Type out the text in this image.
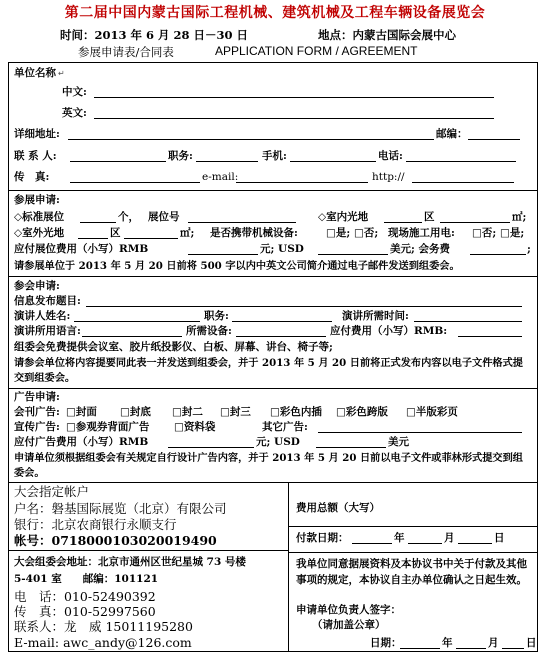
第二届中国内蒙古国际工程机械、建筑机械及工程车辆设备展览会
时间：2013 年 6 月 28 日－30 日	地点：内蒙古国际会展中心
参展申请表/合同表	APPLICATION FORM / AGREEMENT
单位名称 ↵
中文:
英文:
详细地址:	邮编：
联 系 人:	职务:	手机:	电话:
传　真:	e-mail:	http://
参展申请:
◇标准展位	个， 展位号	◇室内光地	区	㎡;
◇室外光地	区	㎡; 是否携带机械设备:	□是; □否; 现场施工用电: □否; □是;
应付展位费用（小写）RMB	元; USD	美元; 会务费	;
请参展单位于 2013 年 5 月 20 日前将 500 字以内中英文公司简介通过电子邮件发送到组委会。
参会申请:
信息发布题目:
演讲人姓名:	职务:	演讲所需时间:
演讲所用语言:	所需设备:	应付费用（小写）RMB:
组委会免费提供会议室、胶片纸投影仪、白板、屏幕、讲台、椅子等;
请参会单位将内容提要同此表一并发送到组委会，并于 2013 年 5 月 20 日前将正式发布内容以电子文件格式提交到组委会。
广告申请:
会刊广告: □封面 □封底 □封二 □封三 □彩色内插 □彩色跨版 □半版彩页
宣传广告: □参观券背面广告 □资料袋	其它广告:
应付广告费用（小写）RMB	元; USD	美元
申请单位须根据组委会有关规定自行设计广告内容，并于 2013 年 5 月 20 日前以电子文件或菲林形式提交到组委会。
大会指定帐户
户名：磐基国际展览（北京）有限公司
银行：北京农商银行永顺支行
帐号：0718000103020019490
大会组委会地址：北京市通州区世纪星城 73 号楼
5-401 室　　邮编：101121
电　话：010-52490392
传　真：010-52997560
联系人：龙　威 15011195280
E-mail: awc_andy@126.com
费用总额（大写）
付款日期：	年	月	日
我单位同意据展资料及本协议书中关于付款及其他事项的规定，本协议自主办单位确认之日起生效。
申请单位负责人签字：
（请加盖公章）
日期：	年	月	日
